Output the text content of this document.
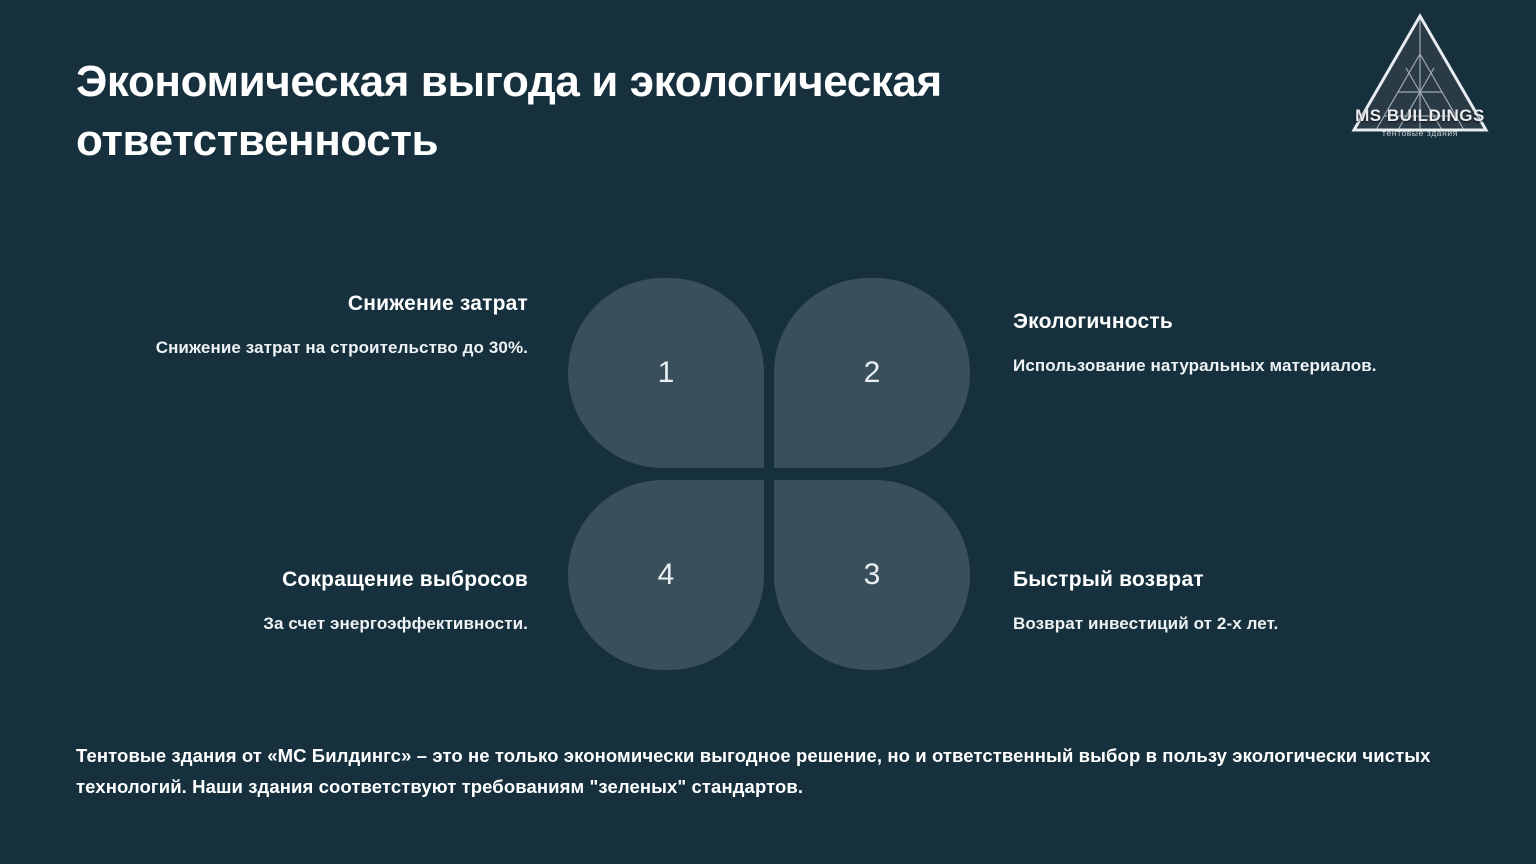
Экономическая выгода и экологическая ответственность
MS BUILDINGS
тентовые здания
1	2
3
4
Снижение затрат
Снижение затрат на строительство до 30%.
Экологичность
Использование натуральных материалов.
Быстрый возврат
Возврат инвестиций от 2-х лет.
Сокращение выбросов
За счет энергоэффективности.
Тентовые здания от «МС Билдингс» – это не только экономически выгодное решение, но и ответственный выбор в пользу экологически чистых технологий. Наши здания соответствуют требованиям "зеленых" стандартов.
